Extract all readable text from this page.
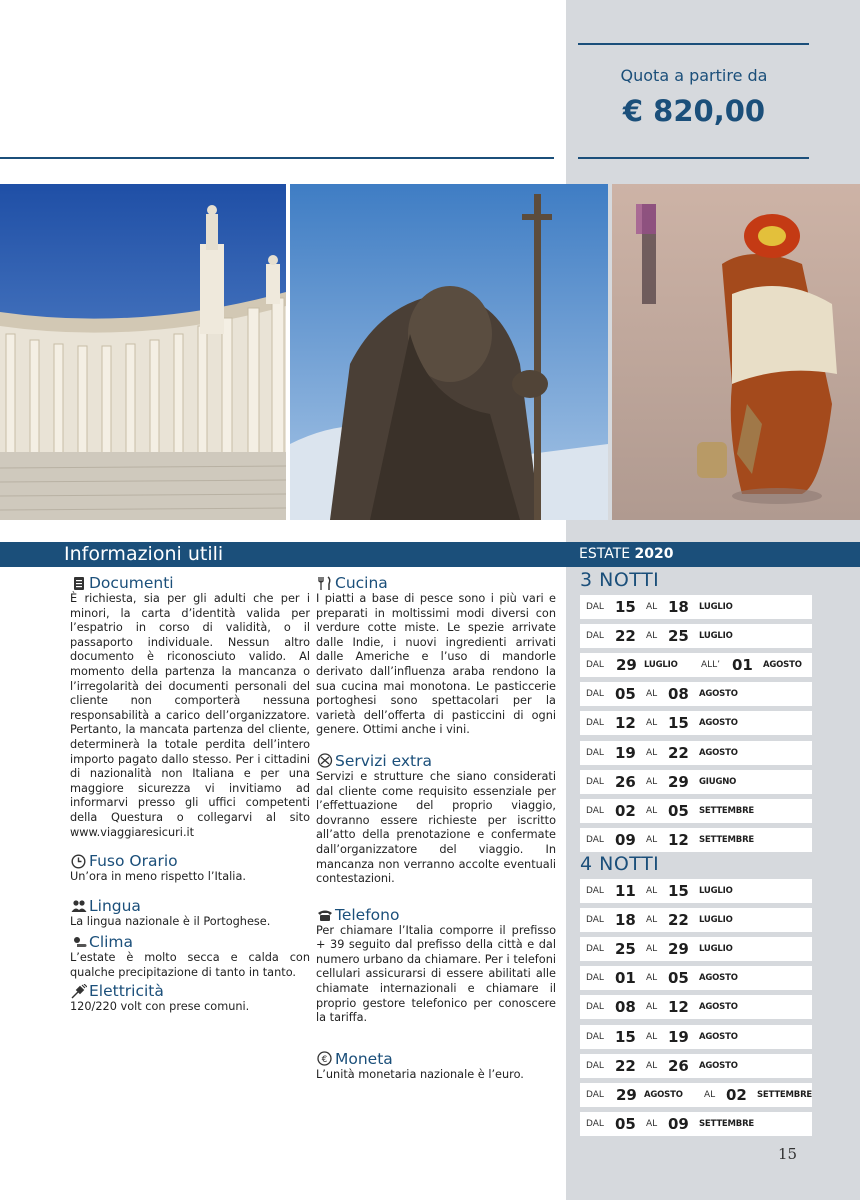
Quota a partire da
€ 820,00
Informazioni utili	ESTATE 2020
Documenti

È richiesta, sia per gli adulti che per i minori, la carta d’identità valida per l’espatrio in corso di validità, o il passaporto individuale. Nessun altro documento è riconosciuto valido. Al momento della partenza la mancanza o l’irregolarità dei documenti personali del cliente non comporterà nessuna responsabilità a carico dell’organizzatore. Pertanto, la mancata partenza del cliente, determinerà la totale perdita dell’intero importo pagato dallo stesso. Per i cittadini di nazionalità non Italiana e per una maggiore sicurezza vi invitiamo ad informarvi presso gli uffici competenti della Questura o collegarvi al sito www.viaggiaresicuri.it

Fuso Orario

Un’ora in meno rispetto l’Italia.

Lingua

La lingua nazionale è il Portoghese.

Clima

L’estate è molto secca e calda con qualche precipitazione di tanto in tanto.

Elettricità

120/220 volt con prese comuni.

Cucina

I piatti a base di pesce sono i più vari e preparati in moltissimi modi diversi con verdure cotte miste. Le spezie arrivate dalle Indie, i nuovi ingredienti arrivati dalle Americhe e l’uso di mandorle derivato dall’influenza araba rendono la sua cucina mai monotona. Le pasticcerie portoghesi sono spettacolari per la varietà dell’offerta di pasticcini di ogni genere. Ottimi anche i vini.

Servizi extra

Servizi e strutture che siano considerati dal cliente come requisito essenziale per l’effettuazione del proprio viaggio, dovranno essere richieste per iscritto all’atto della prenotazione e confermate dall’organizzatore del viaggio. In mancanza non verranno accolte eventuali contestazioni.

Telefono

Per chiamare l’Italia comporre il prefisso + 39 seguito dal prefisso della città e dal numero urbano da chiamare. Per i telefoni cellulari assicurarsi di essere abilitati alle chiamate internazionali e chiamare il proprio gestore telefonico per conoscere la tariffa.

€ Moneta

L’unità monetaria nazionale è l’euro.

3 NOTTI
DAL 15 AL 18 LUGLIO
DAL 22 AL 25 LUGLIO
DAL 29 LUGLIO	ALL’ 01 AGOSTO
DAL 05 AL 08 AGOSTO
DAL 12 AL 15 AGOSTO
DAL 19 AL 22 AGOSTO
DAL 26 AL 29 GIUGNO
DAL 02 AL 05 SETTEMBRE
DAL 09 AL 12 SETTEMBRE
4 NOTTI
DAL 11 AL 15 LUGLIO
DAL 18 AL 22 LUGLIO
DAL 25 AL 29 LUGLIO
DAL 01 AL 05 AGOSTO
DAL 08 AL 12 AGOSTO
DAL 15 AL 19 AGOSTO
DAL 22 AL 26 AGOSTO
DAL 29 AGOSTO AL 02 SETTEMBRE
DAL 05 AL 09 SETTEMBRE
15
